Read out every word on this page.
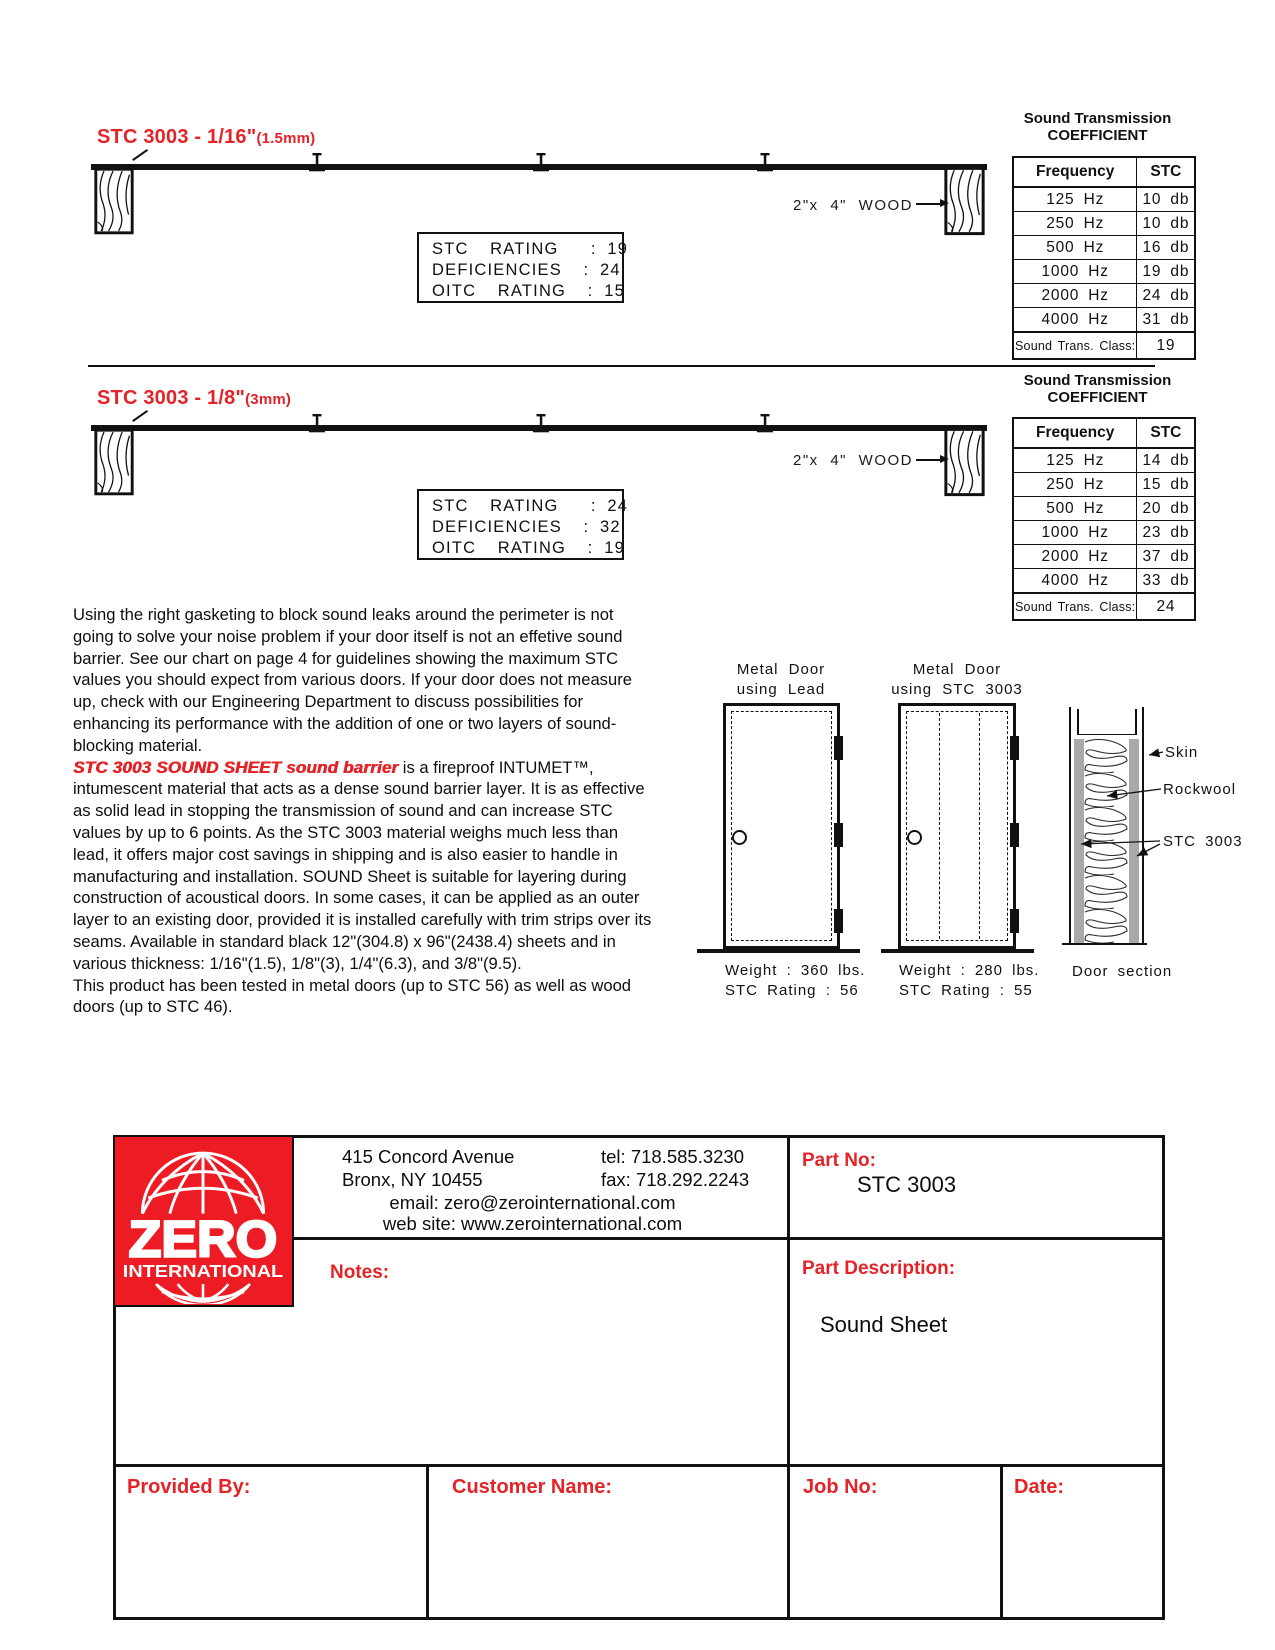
STC 3003 - 1/16"(1.5mm)
STC  RATING   : 19
DEFICIENCIES  : 24
OITC  RATING  : 15
2"x 4" WOOD
Sound Transmission
COEFFICIENT
Frequency	STC
125 Hz	10 db
250 Hz	10 db
500 Hz	16 db
1000 Hz	19 db
2000 Hz	24 db
4000 Hz	31 db
Sound Trans. Class:	19
STC 3003 - 1/8"(3mm)
STC  RATING   : 24
DEFICIENCIES  : 32
OITC  RATING  : 19
2"x 4" WOOD
Sound Transmission
COEFFICIENT
Frequency	STC
125 Hz	14 db
250 Hz	15 db
500 Hz	20 db
1000 Hz	23 db
2000 Hz	37 db
4000 Hz	33 db
Sound Trans. Class:	24

Using the right gasketing to block sound leaks around the perimeter is not going to solve your noise problem if your door itself is not an effetive sound barrier. See our chart on page 4 for guidelines showing the maximum STC values you should expect from various doors. If your door does not measure up, check with our Engineering Department to discuss possibilities for enhancing its performance with the addition of one or two layers of sound-blocking material.

STC 3003 SOUND SHEET sound barrier is a fireproof INTUMET™, intumescent material that acts as a dense sound barrier layer. It is as effective as solid lead in stopping the transmission of sound and can increase STC values by up to 6 points. As the STC 3003 material weighs much less than lead, it offers major cost savings in shipping and is also easier to handle in manufacturing and installation. SOUND Sheet is suitable for layering during construction of acoustical doors. In some cases, it can be applied as an outer layer to an existing door, provided it is installed carefully with trim strips over its seams. Available in standard black 12"(304.8) x 96"(2438.4) sheets and in various thickness: 1/16"(1.5), 1/8"(3), 1/4"(6.3), and 3/8"(9.5).

This product has been tested in metal doors (up to STC 56) as well as wood doors (up to STC 46).

Metal Door
using Lead
Metal Door
using STC 3003
Weight : 360 lbs.
STC Rating : 56
Weight : 280 lbs.
STC Rating : 55
Door section
Skin
Rockwool
STC 3003
ZERO
INTERNATIONAL
415 Concord Avenue	tel: 718.585.3230
Bronx, NY 10455	fax: 718.292.2243
email: zero@zerointernational.com
web site: www.zerointernational.com
Part No:
STC 3003
Part Description:
Sound Sheet
Notes:
Provided By:	Customer Name:	Job No:	Date:
